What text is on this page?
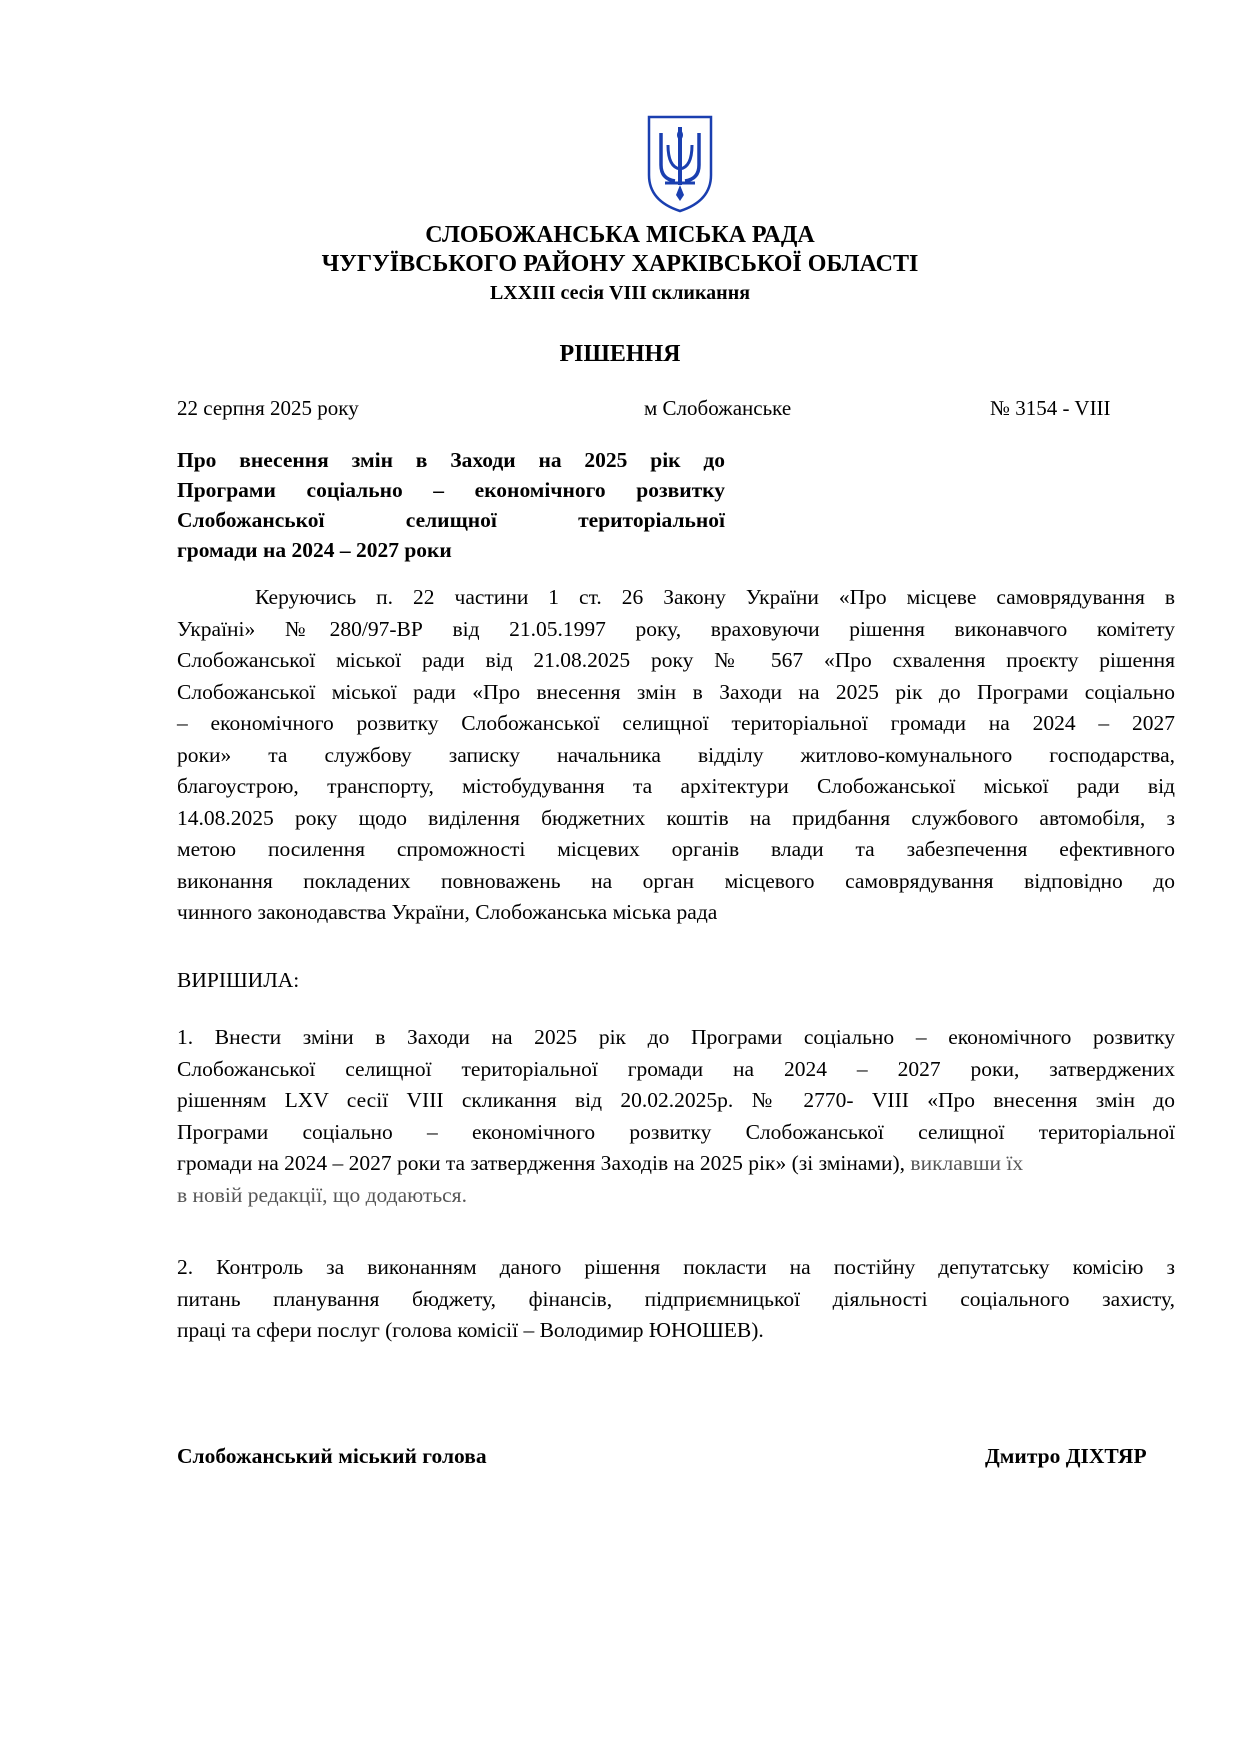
СЛОБОЖАНСЬКА МІСЬКА РАДА
ЧУГУЇВСЬКОГО РАЙОНУ ХАРКІВСЬКОЇ ОБЛАСТІ
LXXIII сесія VIII скликання
РІШЕННЯ
22 серпня 2025 року	м Слобожанське	№ 3154 - VIII
Про внесення змін в Заходи на 2025 рік до
Програми соціально – економічного розвитку
Слобожанської селищної територіальної
громади на 2024 – 2027 роки
Керуючись п. 22 частини 1 ст. 26 Закону України «Про місцеве самоврядування в
Україні» №280/97-ВР від 21.05.1997 року, враховуючи рішення виконавчого комітету
Слобожанської міської ради від 21.08.2025 року № 567 «Про схвалення проєкту рішення
Слобожанської міської ради «Про внесення змін в Заходи на 2025 рік до Програми соціально
– економічного розвитку Слобожанської селищної територіальної громади на 2024 – 2027
роки» та службову записку начальника відділу житлово-комунального господарства,
благоустрою, транспорту, містобудування та архітектури Слобожанської міської ради від
14.08.2025 року щодо виділення бюджетних коштів на придбання службового автомобіля, з
метою посилення спроможності місцевих органів влади та забезпечення ефективного
виконання покладених повноважень на орган місцевого самоврядування відповідно до
чинного законодавства України, Слобожанська міська рада
ВИРІШИЛА:
1. Внести зміни в Заходи на 2025 рік до Програми соціально – економічного розвитку
Слобожанської селищної територіальної громади на 2024 – 2027 роки, затверджених
рішенням LXV сесії VIII скликання від 20.02.2025р. № 2770- VIII «Про внесення змін до
Програми соціально – економічного розвитку Слобожанської селищної територіальної
громади на 2024 – 2027 роки та затвердження Заходів на 2025 рік» (зі змінами), виклавши їх
в новій редакції, що додаються.
2. Контроль за виконанням даного рішення покласти на постійну депутатську комісію з
питань планування бюджету, фінансів, підприємницької діяльності соціального захисту,
праці та сфери послуг (голова комісії – Володимир ЮНОШЕВ).
Слобожанський міський голова	Дмитро ДІХТЯР
